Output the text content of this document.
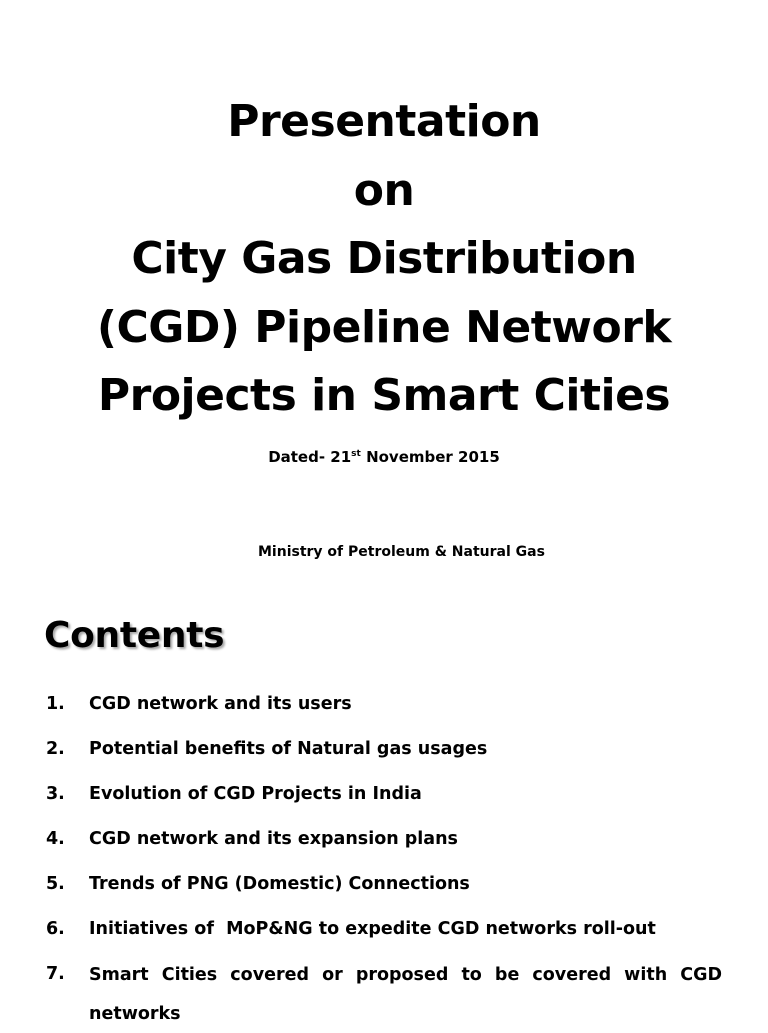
Presentation
on
City Gas Distribution
(CGD) Pipeline Network
Projects in Smart Cities
Dated- 21st November 2015
Ministry of Petroleum & Natural Gas
Contents
1. CGD network and its users
2. Potential benefits of Natural gas usages
3. Evolution of CGD Projects in India
4. CGD network and its expansion plans
5. Trends of PNG (Domestic) Connections
6. Initiatives of  MoP&NG to expedite CGD networks roll-out
7. Smart Cities covered or proposed to be covered with CGD
networks
